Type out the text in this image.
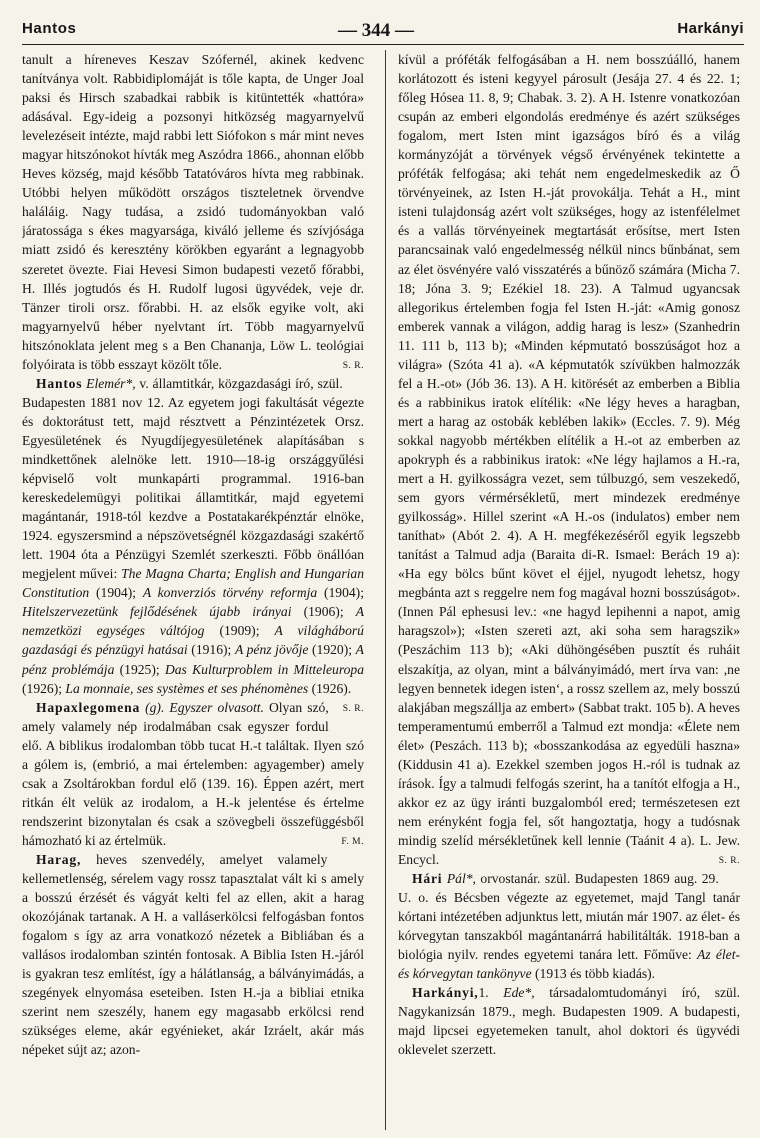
Hantos	— 344 —	Harkányi

tanult a híreneves Keszav Szófernél, akinek kedvenc tanítványa volt. Rabbidiplomáját is tőle kapta, de Unger Joal paksi és Hirsch szabadkai rabbik is kitüntették «hattóra» adásával. Egy-ideig a pozsonyi hitközség magyarnyelvű levelezéseit intézte, majd rabbi lett Siófokon s már mint neves magyar hitszónokot hívták meg Aszódra 1866., ahonnan előbb Heves község, majd később Tatatóváros hívta meg rabbinak. Utóbbi helyen működött országos tiszteletnek örvendve haláláig. Nagy tudása, a zsidó tudományokban való járatossága s ékes magyarsága, kiváló jelleme és szívjósága miatt zsidó és keresztény körökben egyaránt a legnagyobb szeretet övezte. Fiai Hevesi Simon budapesti vezető főrabbi, H. Illés jogtudós és H. Rudolf lugosi ügyvédek, veje dr. Tänzer tiroli orsz. főrabbi. H. az elsők egyike volt, aki magyarnyelvű héber nyelvtant írt. Több magyarnyelvű hitszónoklata jelent meg s a Ben Chananja, Löw L. teológiai folyóirata is több esszayt közölt tőle.	S. R.

Hantos Elemér*, v. államtitkár, közgazdasági író, szül. Budapesten 1881 nov 12. Az egyetem jogi fakultását végezte és doktorátust tett, majd résztvett a Pénzintézetek Orsz. Egyesületének és Nyugdíjegyesületének alapításában s mindkettőnek alelnöke lett. 1910—18-ig országgyűlési képviselő volt munkapárti programmal. 1916-ban kereskedelemügyi politikai államtitkár, majd egyetemi magántanár, 1918-tól kezdve a Postatakarékpénztár elnöke, 1924. egyszersmind a népszövetségnél közgazdasági szakértő lett. 1904 óta a Pénzügyi Szemlét szerkeszti. Főbb önállóan megjelent művei: The Magna Charta; English and Hungarian Constitution (1904); A konverziós törvény reformja (1904); Hitelszervezetünk fejlődésének újabb irányai (1906); A nemzetközi egységes váltójog (1909); A világháború gazdasági és pénzügyi hatásai (1916); A pénz jövője (1920); A pénz problémája (1925); Das Kulturproblem in Mitteleuropa (1926); La monnaie, ses systèmes et ses phénomènes (1926).
S. R.

Hapaxlegomena (g). Egyszer olvasott. Olyan szó, amely valamely nép irodalmában csak egyszer fordul elő. A biblikus irodalomban több tucat H.-t találtak. Ilyen szó a gólem is, (embrió, a mai értelemben: agyagember) amely csak a Zsoltárokban fordul elő (139. 16). Éppen azért, mert ritkán élt velük az irodalom, a H.-k jelentése és értelme rendszerint bizonytalan és csak a szövegbeli összefüggésből hámozható ki az értelmük.	F. M.

Harag, heves szenvedély, amelyet valamely kellemetlenség, sérelem vagy rossz tapasztalat vált ki s amely a bosszú érzését és vágyát kelti fel az ellen, akit a harag okozójának tartanak. A H. a valláserkölcsi felfogásban fontos fogalom s így az arra vonatkozó nézetek a Bibliában és a vallásos irodalomban szintén fontosak. A Biblia Isten H.-járól is gyakran tesz említést, így a hálátlanság, a bálványimádás, a szegények elnyomása eseteiben. Isten H.-ja a bibliai etnika szerint nem szeszély, hanem egy magasabb erkölcsi rend szükséges eleme, akár egyénieket, akár Izráelt, akár más népeket sújt az; azon-

kívül a próféták felfogásában a H. nem bosszúálló, hanem korlátozott és isteni kegyyel párosult (Jesája 27. 4 és 22. 1; főleg Hósea 11. 8, 9; Chabak. 3. 2). A H. Istenre vonatkozóan csupán az emberi elgondolás eredménye és azért szükséges fogalom, mert Isten mint igazságos bíró és a világ kormányzóját a törvények végső érvényének tekintette a próféták felfogása; aki tehát nem engedelmeskedik az Ő törvényeinek, az Isten H.-ját provokálja. Tehát a H., mint isteni tulajdonság azért volt szükséges, hogy az istenfélelmet és a vallás törvényeinek megtartását erősítse, mert Isten parancsainak való engedelmesség nélkül nincs bűnbánat, sem az élet ösvényére való visszatérés a bűnöző számára (Micha 7. 18; Jóna 3. 9; Ezékiel 18. 23). A Talmud ugyancsak allegorikus értelemben fogja fel Isten H.-ját: «Amig gonosz emberek vannak a világon, addig harag is lesz» (Szanhedrin 11. 111 b, 113 b); «Minden képmutató bosszúságot hoz a világra» (Szóta 41 a). «A képmutatók szívükben halmozzák fel a H.-ot» (Jób 36. 13). A H. kitörését az emberben a Biblia és a rabbinikus iratok elítélik: «Ne légy heves a haragban, mert a harag az ostobák keblében lakik» (Eccles. 7. 9). Még sokkal nagyobb mértékben elítélik a H.-ot az emberben az apokryph és a rabbinikus iratok: «Ne légy hajlamos a H.-ra, mert a H. gyilkosságra vezet, sem túlbuzgó, sem veszekedő, sem gyors vérmérsékletű, mert mindezek eredménye gyilkosság». Hillel szerint «A H.-os (indulatos) ember nem taníthat» (Abót 2. 4). A H. megfékezéséről egyik legszebb tanítást a Talmud adja (Baraita di-R. Ismael: Berách 19 a): «Ha egy bölcs bűnt követ el éjjel, nyugodt lehetsz, hogy megbánta azt s reggelre nem fog magával hozni bosszúságot». (Innen Pál ephesusi lev.: «ne hagyd lepihenni a napot, amig haragszol»); «Isten szereti azt, aki soha sem haragszik» (Peszáchim 113 b); «Aki dühöngésében pusztít és ruháit elszakítja, az olyan, mint a bálványimádó, mert írva van: ,ne legyen bennetek idegen isten‘, a rossz szellem az, mely bosszú alakjában megszállja az embert» (Sabbat trakt. 105 b). A heves temperamentumú emberről a Talmud ezt mondja: «Élete nem élet» (Peszách. 113 b); «bosszankodása az egyedüli haszna» (Kiddusin 41 a). Ezekkel szemben jogos H.-ról is tudnak az írások. Így a talmudi felfogás szerint, ha a tanítót elfogja a H., akkor ez az ügy iránti buzgalomból ered; természetesen ezt nem erényként fogja fel, sőt hangoztatja, hogy a tudósnak mindig szelíd mérsékletűnek kell lennie (Taánit 4 a). L. Jew. Encycl.	S. R.

Hári Pál*, orvostanár. szül. Budapesten 1869 aug. 29. U. o. és Bécsben végezte az egyetemet, majd Tangl tanár kórtani intézetében adjunktus lett, miután már 1907. az élet- és kórvegytan tanszakból magántanárrá habilitálták. 1918-ban a biológia nyilv. rendes egyetemi tanára lett. Főműve: Az élet- és kórvegytan tankönyve (1913 és több kiadás).

Harkányi,1. Ede*, társadalomtudományi író, szül. Nagykanizsán 1879., megh. Budapesten 1909. A budapesti, majd lipcsei egyetemeken tanult, ahol doktori és ügyvédi oklevelet szerzett.
